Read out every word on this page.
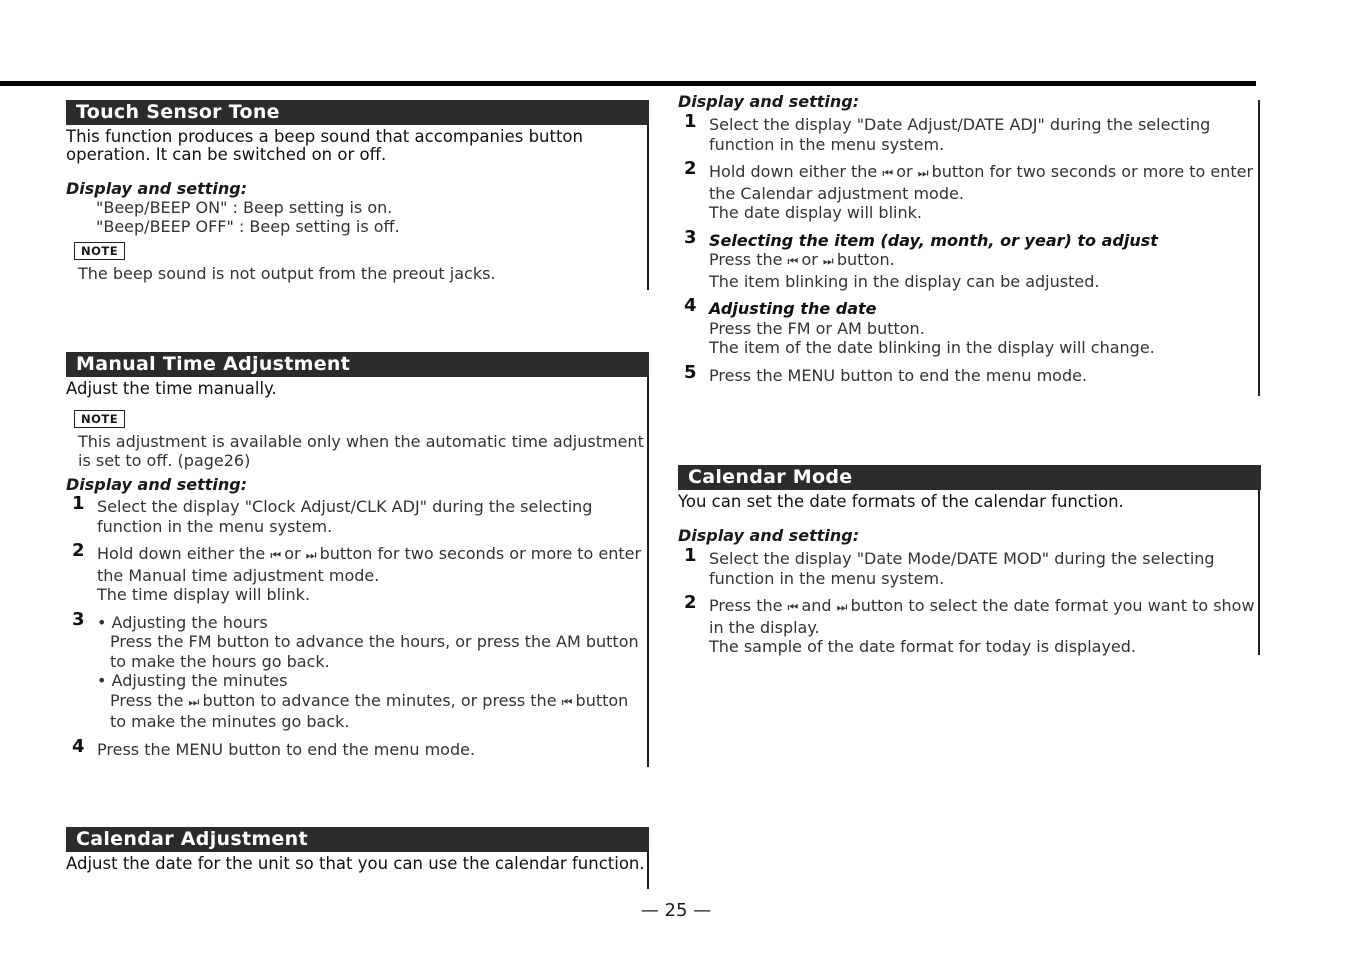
Touch Sensor Tone
This function produces a beep sound that accompanies button operation. It can be switched on or off.
Display and setting:
"Beep/BEEP ON" : Beep setting is on.
"Beep/BEEP OFF" : Beep setting is off.
NOTE
The beep sound is not output from the preout jacks.
Manual Time Adjustment
Adjust the time manually.
NOTE
This adjustment is available only when the automatic time adjustment is set to off. (page26)
Display and setting:
1 Select the display "Clock Adjust/CLK ADJ" during the selecting function in the menu system.
2 Hold down either the ⏮ or ⏭ button for two seconds or more to enter the Manual time adjustment mode.
The time display will blink.
3 • Adjusting the hours
Press the FM button to advance the hours, or press the AM button to make the hours go back.
• Adjusting the minutes
Press the ⏭ button to advance the minutes, or press the ⏮ button to make the minutes go back.
4 Press the MENU button to end the menu mode.
Calendar Adjustment
Adjust the date for the unit so that you can use the calendar function.
Display and setting:
1 Select the display "Date Adjust/DATE ADJ" during the selecting function in the menu system.
2 Hold down either the ⏮ or ⏭ button for two seconds or more to enter the Calendar adjustment mode.
The date display will blink.
3 Selecting the item (day, month, or year) to adjust
Press the ⏮ or ⏭ button.
The item blinking in the display can be adjusted.
4 Adjusting the date
Press the FM or AM button.
The item of the date blinking in the display will change.
5 Press the MENU button to end the menu mode.
Calendar Mode
You can set the date formats of the calendar function.
Display and setting:
1 Select the display "Date Mode/DATE MOD" during the selecting function in the menu system.
2 Press the ⏮ and ⏭ button to select the date format you want to show in the display.
The sample of the date format for today is displayed.
— 25 —
